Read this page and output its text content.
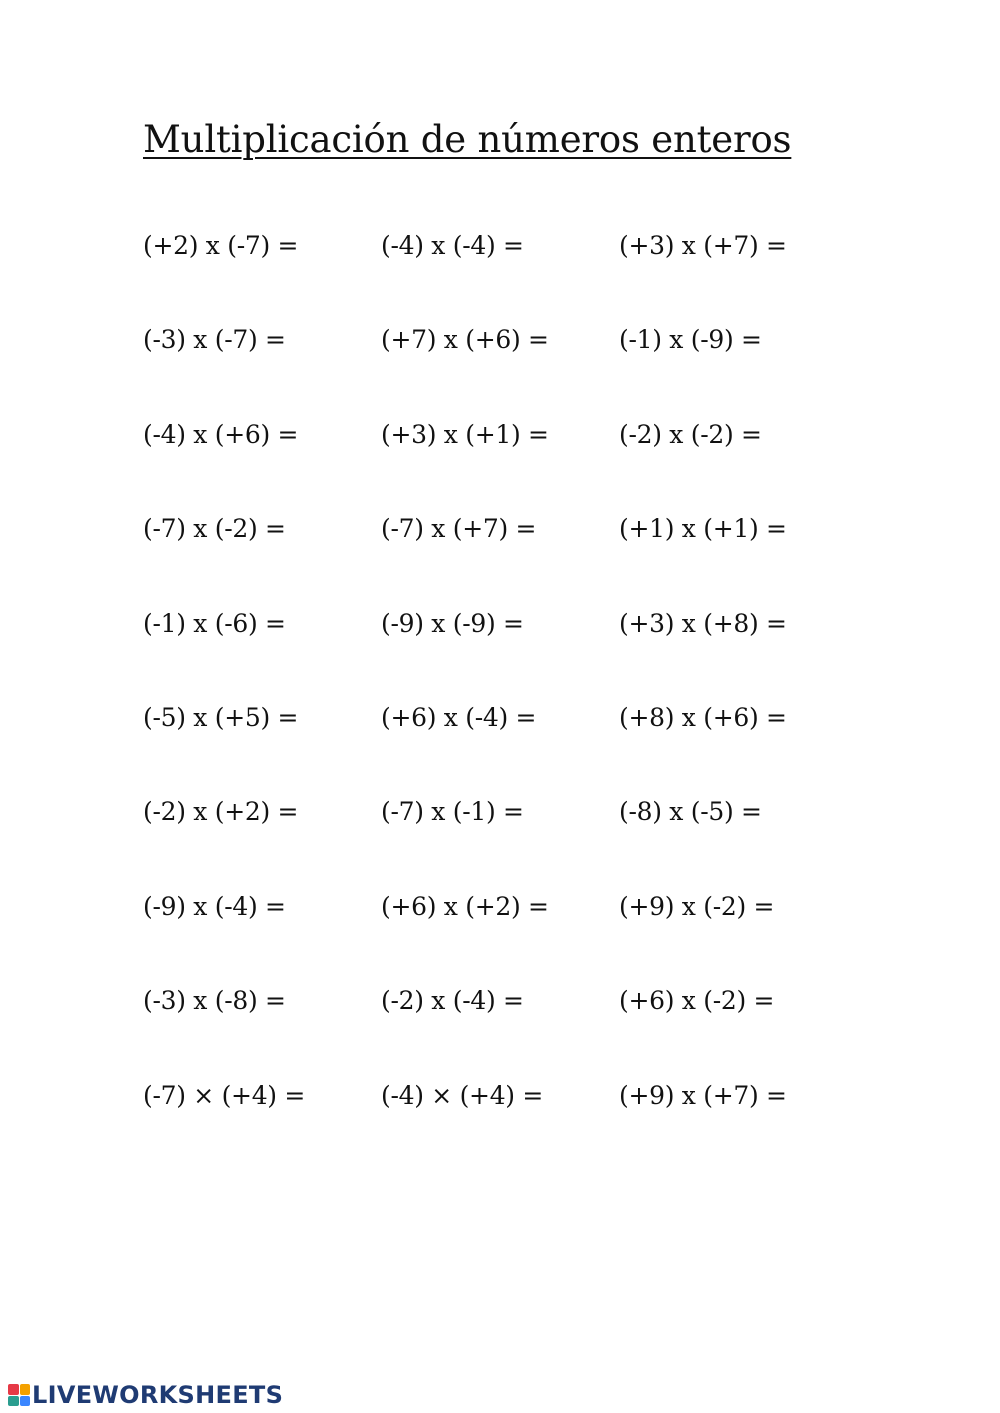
Multiplicación de números enteros
(+2) x (-7) =	(-4) x (-4) =	(+3) x (+7) =
(-3) x (-7) =	(+7) x (+6) =	(-1) x (-9) =
(-4) x (+6) =	(+3) x (+1) =	(-2) x (-2) =
(-7) x (-2) =	(-7) x (+7) =	(+1) x (+1) =
(-1) x (-6) =	(-9) x (-9) =	(+3) x (+8) =
(-5) x (+5) =	(+6) x (-4) =	(+8) x (+6) =
(-2) x (+2) =	(-7) x (-1) =	(-8) x (-5) =
(-9) x (-4) =	(+6) x (+2) =	(+9) x (-2) =
(-3) x (-8) =	(-2) x (-4) =	(+6) x (-2) =
(-7) × (+4) =	(-4) × (+4) =	(+9) x (+7) =
LIVEWORKSHEETS
